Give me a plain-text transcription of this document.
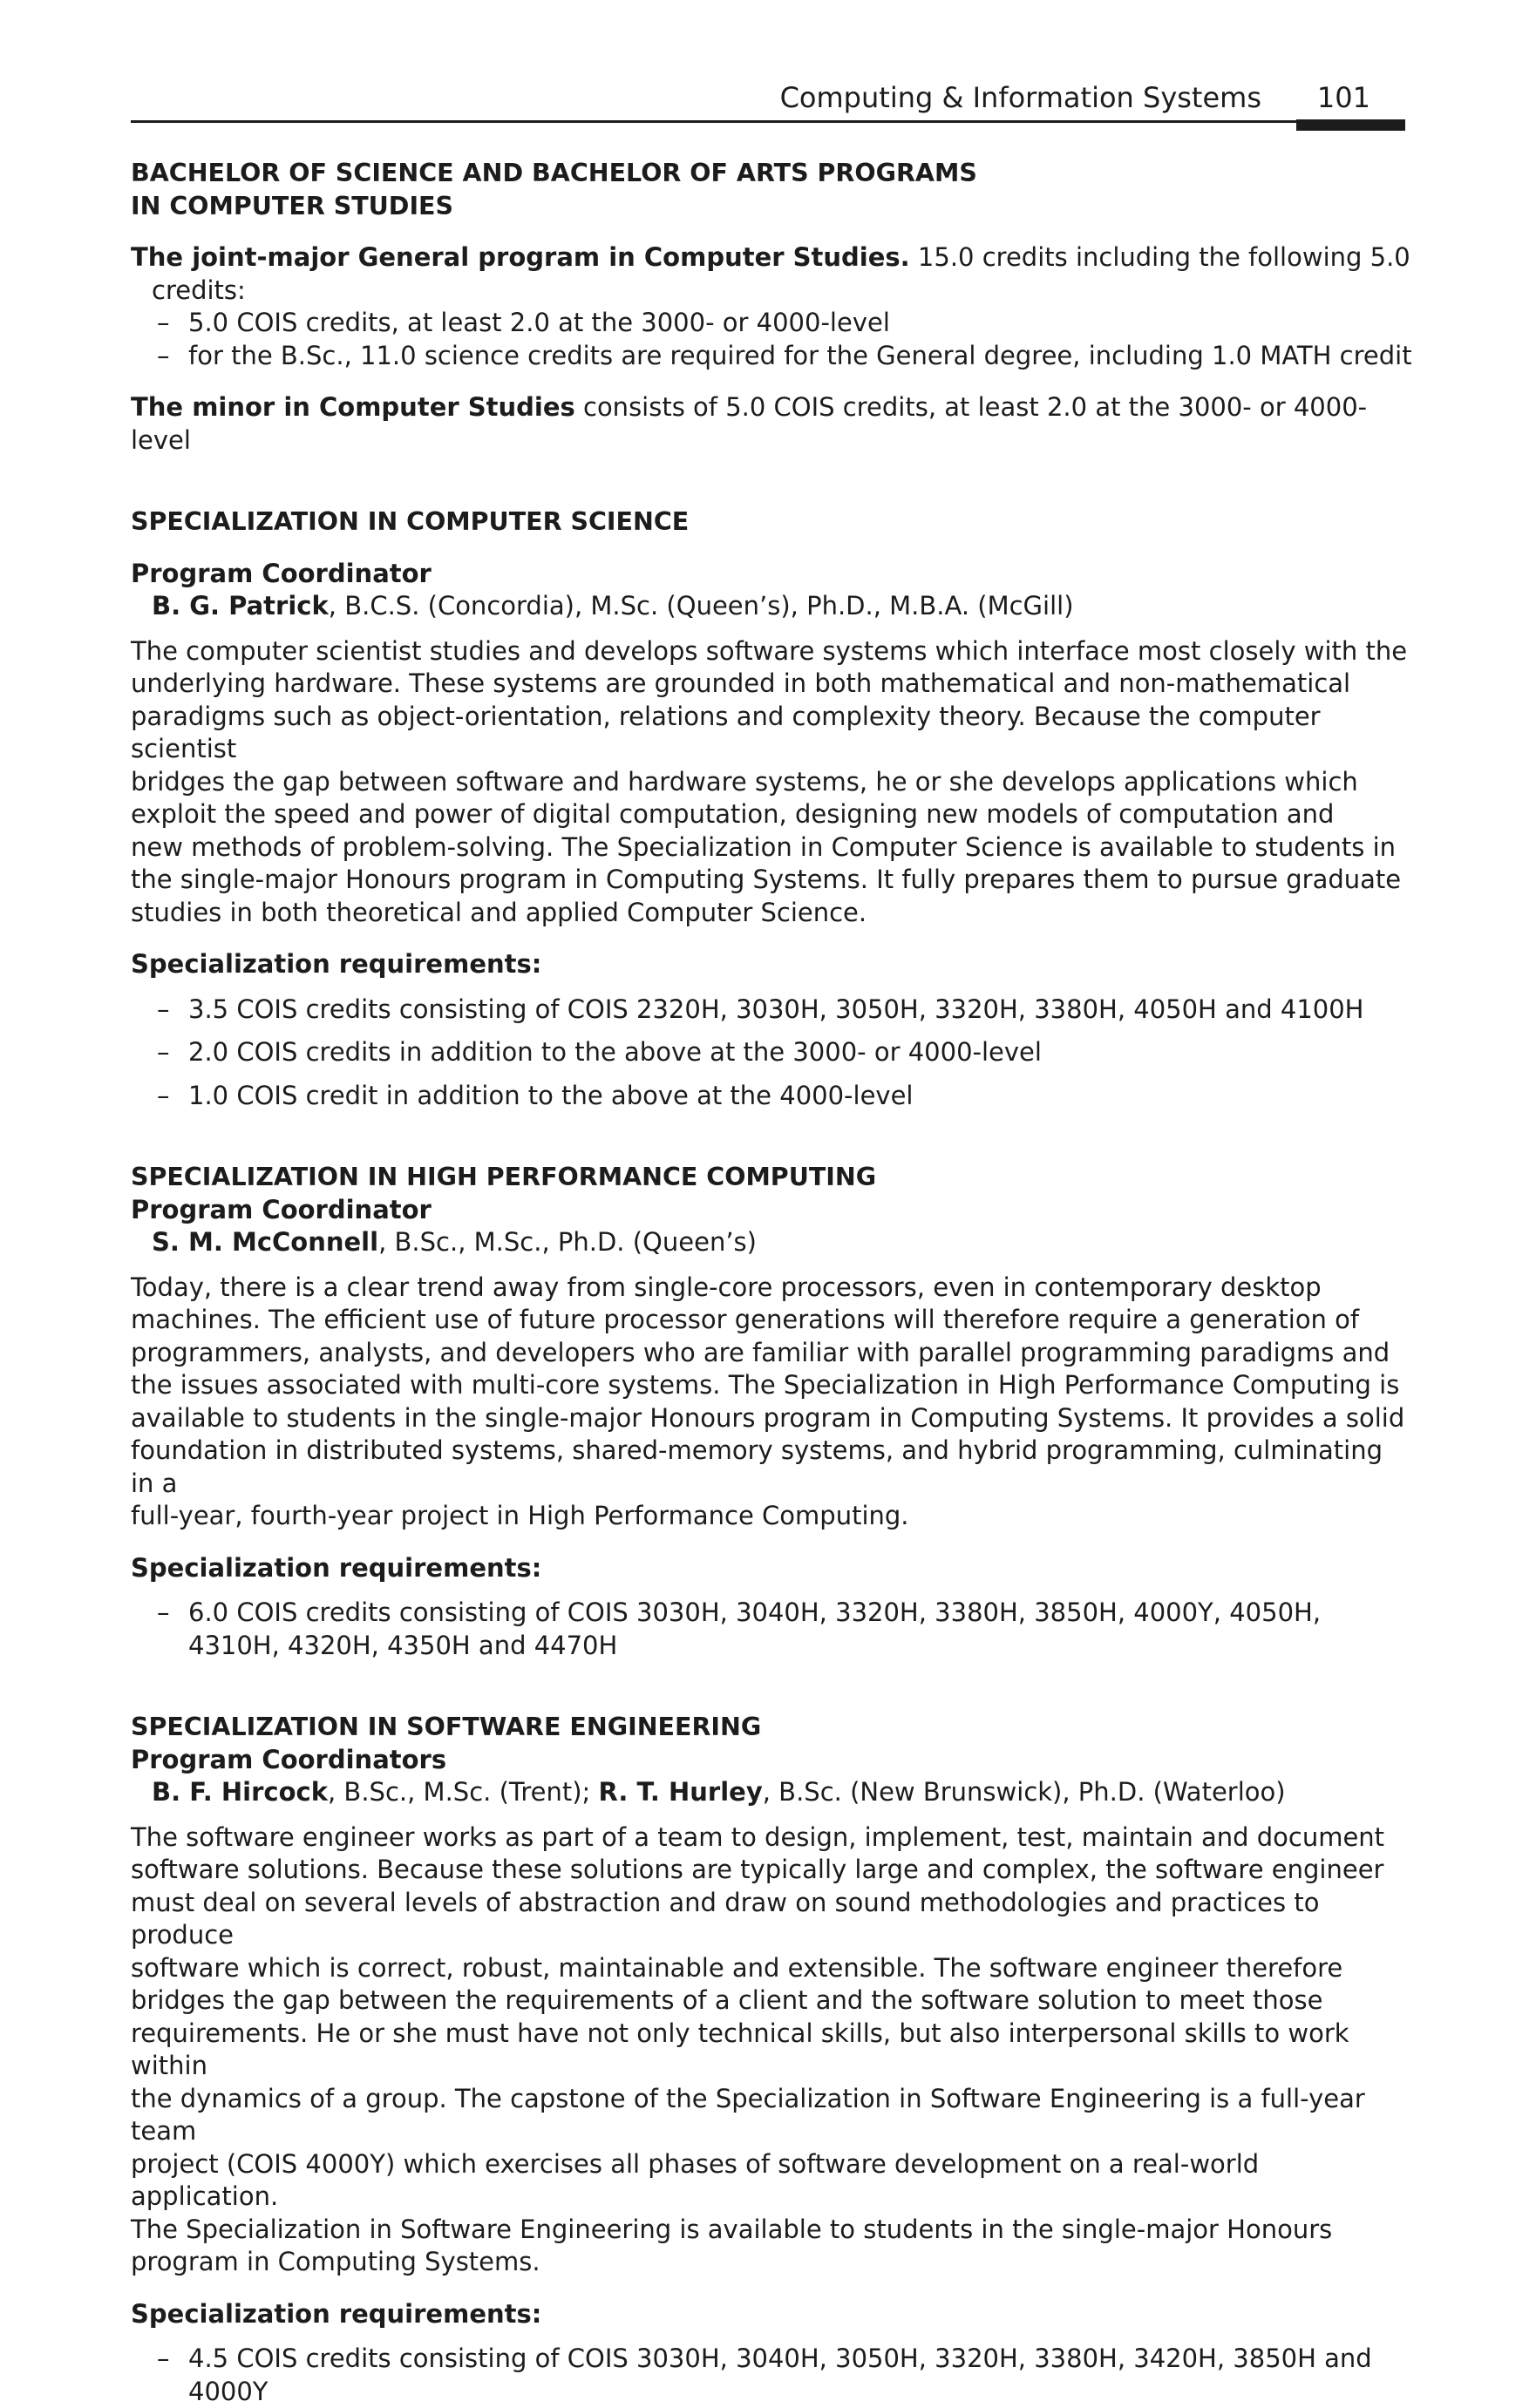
Computing & Information Systems 101
BACHELOR OF SCIENCE AND BACHELOR OF ARTS PROGRAMS
IN COMPUTER STUDIES

The joint-major General program in Computer Studies. 15.0 credits including the following 5.0 credits:

– 5.0 COIS credits, at least 2.0 at the 3000- or 4000-level
– for the B.Sc., 11.0 science credits are required for the General degree, including 1.0 MATH credit

The minor in Computer Studies consists of 5.0 COIS credits, at least 2.0 at the 3000- or 4000-level

SPECIALIZATION IN COMPUTER SCIENCE
Program Coordinator

B. G. Patrick, B.C.S. (Concordia), M.Sc. (Queen’s), Ph.D., M.B.A. (McGill)

The computer scientist studies and develops software systems which interface most closely with the
underlying hardware. These systems are grounded in both mathematical and non-mathematical
paradigms such as object-orientation, relations and complexity theory. Because the computer scientist
bridges the gap between software and hardware systems, he or she develops applications which
exploit the speed and power of digital computation, designing new models of computation and
new methods of problem-solving. The Specialization in Computer Science is available to students in
the single-major Honours program in Computing Systems. It fully prepares them to pursue graduate
studies in both theoretical and applied Computer Science.
Specialization requirements:
– 3.5 COIS credits consisting of COIS 2320H, 3030H, 3050H, 3320H, 3380H, 4050H and 4100H
– 2.0 COIS credits in addition to the above at the 3000- or 4000-level
– 1.0 COIS credit in addition to the above at the 4000-level
SPECIALIZATION IN HIGH PERFORMANCE COMPUTING
Program Coordinator

S. M. McConnell, B.Sc., M.Sc., Ph.D. (Queen’s)

Today, there is a clear trend away from single-core processors, even in contemporary desktop
machines. The efficient use of future processor generations will therefore require a generation of
programmers, analysts, and developers who are familiar with parallel programming paradigms and
the issues associated with multi-core systems. The Specialization in High Performance Computing is
available to students in the single-major Honours program in Computing Systems. It provides a solid
foundation in distributed systems, shared-memory systems, and hybrid programming, culminating in a
full-year, fourth-year project in High Performance Computing.
Specialization requirements:
– 6.0 COIS credits consisting of COIS 3030H, 3040H, 3320H, 3380H, 3850H, 4000Y, 4050H,
4310H, 4320H, 4350H and 4470H
SPECIALIZATION IN SOFTWARE ENGINEERING
Program Coordinators

B. F. Hircock, B.Sc., M.Sc. (Trent); R. T. Hurley, B.Sc. (New Brunswick), Ph.D. (Waterloo)

The software engineer works as part of a team to design, implement, test, maintain and document
software solutions. Because these solutions are typically large and complex, the software engineer
must deal on several levels of abstraction and draw on sound methodologies and practices to produce
software which is correct, robust, maintainable and extensible. The software engineer therefore
bridges the gap between the requirements of a client and the software solution to meet those
requirements. He or she must have not only technical skills, but also interpersonal skills to work within
the dynamics of a group. The capstone of the Specialization in Software Engineering is a full-year team
project (COIS 4000Y) which exercises all phases of software development on a real-world application.
The Specialization in Software Engineering is available to students in the single-major Honours
program in Computing Systems.
Specialization requirements:
– 4.5 COIS credits consisting of COIS 3030H, 3040H, 3050H, 3320H, 3380H, 3420H, 3850H and
4000Y
